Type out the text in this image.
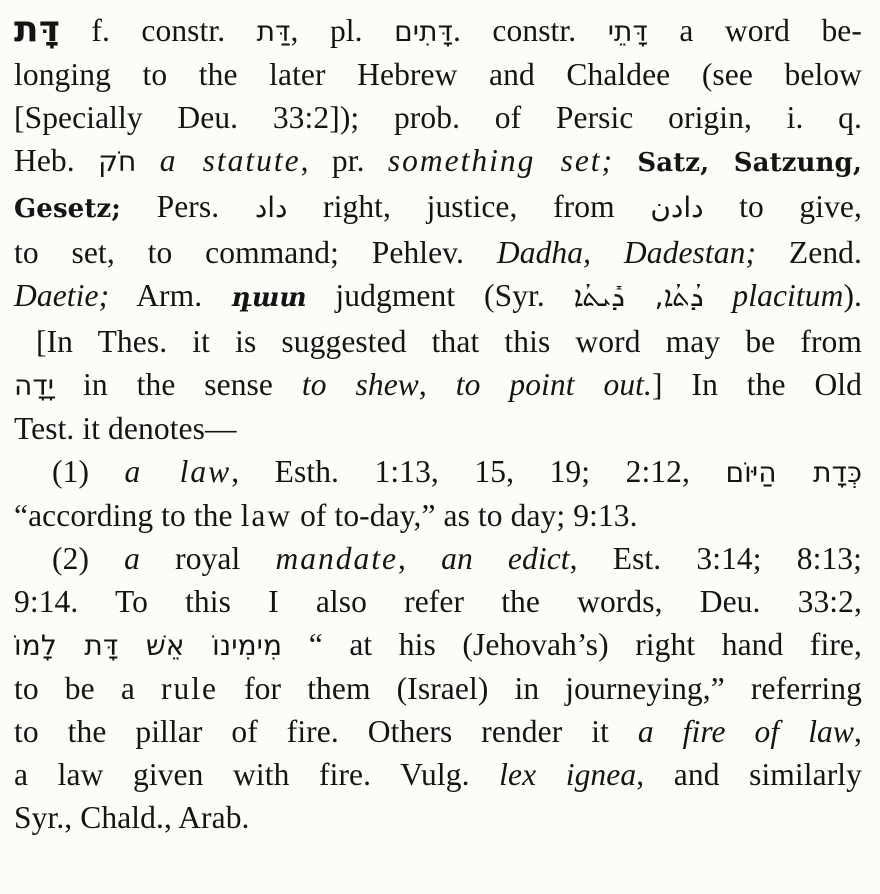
דָּת f. constr. דַּת, pl. דָּתִים. constr. דָּתֵי a word be-
longing to the later Hebrew and Chaldee (see below
[Specially Deu. 33:2]); prob. of Persic origin, i. q.
Heb. חֹק a statute, pr. something set; Satz, Satzung,
Gesetz; Pers. داد right, justice, from دادن to give,
to set, to command; Pehlev. Dadha, Dadestan; Zend.
Daetie; Arm. դատ judgment (Syr. ܕܳܬܳܐ, ܕܺܝܬܳܐ placitum).
[In Thes. it is suggested that this word may be from
יָדָה in the sense to shew, to point out.] In the Old
Test. it denotes—
(1) a law, Esth. 1:13, 15, 19; 2:12, כְּדָת הַיּוֹם
“according to the law of to-day,” as to day; 9:13.
(2) a royal mandate, an edict, Est. 3:14; 8:13;
9:14. To this I also refer the words, Deu. 33:2,
מִימִינוֹ אֵשׁ דָּת לָמוֹ “ at his (Jehovah’s) right hand fire,
to be a rule for them (Israel) in journeying,” referring
to the pillar of fire. Others render it a fire of law,
a law given with fire. Vulg. lex ignea, and similarly
Syr., Chald., Arab.
